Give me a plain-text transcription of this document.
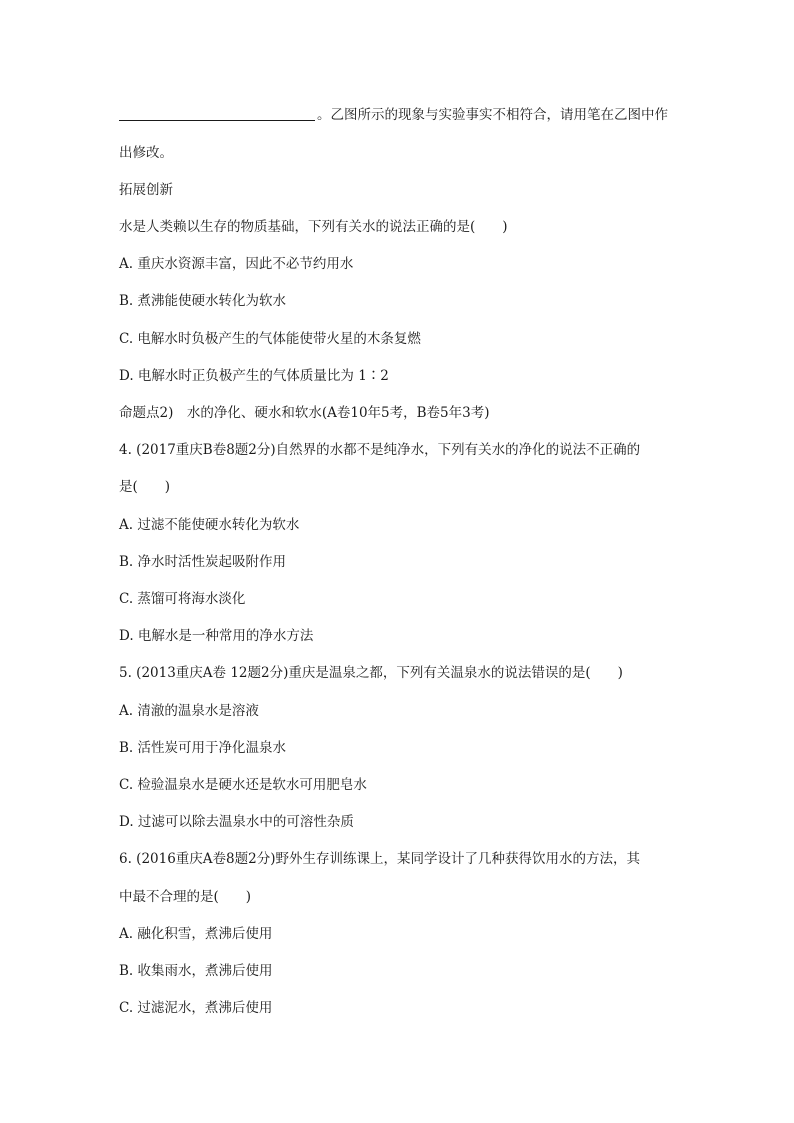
。乙图所示的现象与实验事实不相符合，请用笔在乙图中作
出修改。
拓展创新
水是人类赖以生存的物质基础，下列有关水的说法正确的是(　　)
A. 重庆水资源丰富，因此不必节约用水
B. 煮沸能使硬水转化为软水
C. 电解水时负极产生的气体能使带火星的木条复燃
D. 电解水时正负极产生的气体质量比为 1∶2
命题点2)　水的净化、硬水和软水(A卷10年5考，B卷5年3考)
4. (2017重庆B卷8题2分)自然界的水都不是纯净水，下列有关水的净化的说法不正确的
是(　　)
A. 过滤不能使硬水转化为软水
B. 净水时活性炭起吸附作用
C. 蒸馏可将海水淡化
D. 电解水是一种常用的净水方法
5. (2013重庆A卷 12题2分)重庆是温泉之都，下列有关温泉水的说法错误的是(　　)
A. 清澈的温泉水是溶液
B. 活性炭可用于净化温泉水
C. 检验温泉水是硬水还是软水可用肥皂水
D. 过滤可以除去温泉水中的可溶性杂质
6. (2016重庆A卷8题2分)野外生存训练课上，某同学设计了几种获得饮用水的方法，其
中最不合理的是(　　)
A. 融化积雪，煮沸后使用
B. 收集雨水，煮沸后使用
C. 过滤泥水，煮沸后使用
